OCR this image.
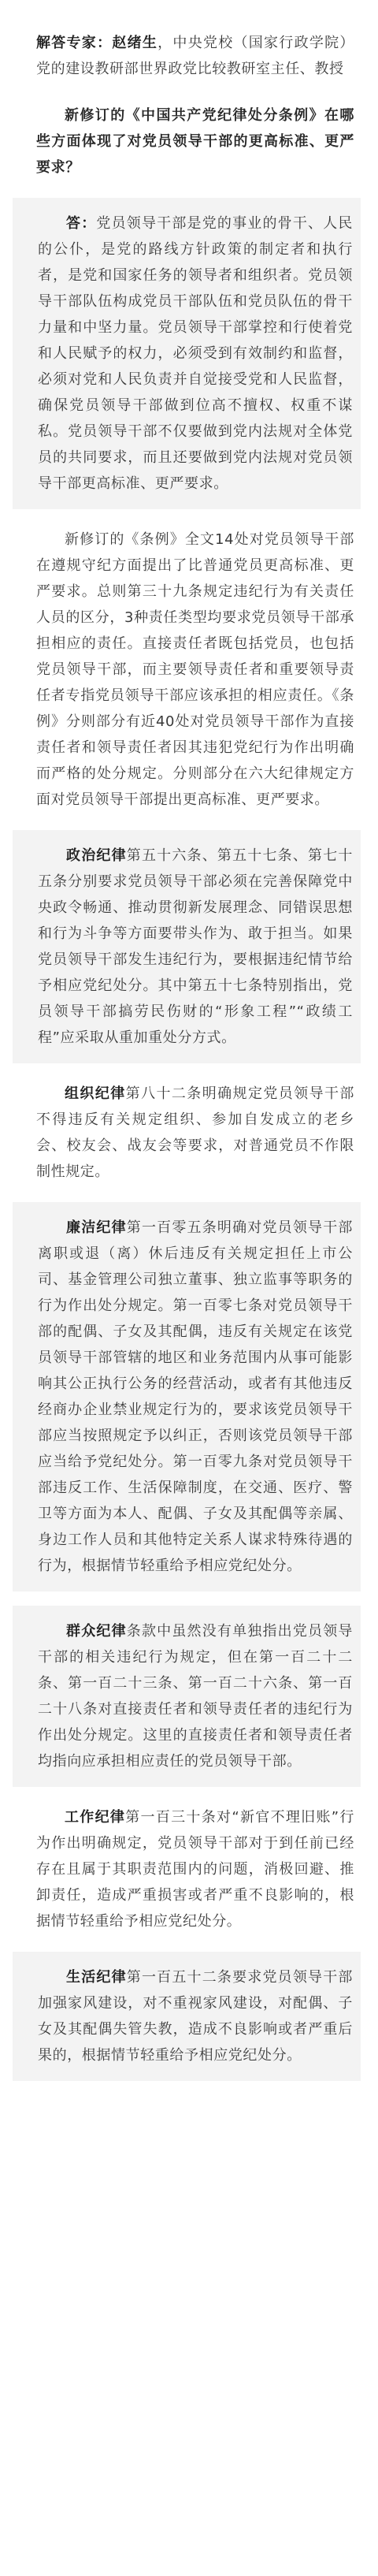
解答专家：赵绪生，中央党校（国家行政学院）党的建设教研部世界政党比较教研室主任、教授

新修订的《中国共产党纪律处分条例》在哪些方面体现了对党员领导干部的更高标准、更严要求？

答：党员领导干部是党的事业的骨干、人民的公仆，是党的路线方针政策的制定者和执行者，是党和国家任务的领导者和组织者。党员领导干部队伍构成党员干部队伍和党员队伍的骨干力量和中坚力量。党员领导干部掌控和行使着党和人民赋予的权力，必须受到有效制约和监督，必须对党和人民负责并自觉接受党和人民监督，确保党员领导干部做到位高不擅权、权重不谋私。党员领导干部不仅要做到党内法规对全体党员的共同要求，而且还要做到党内法规对党员领导干部更高标准、更严要求。

新修订的《条例》全文14处对党员领导干部在遵规守纪方面提出了比普通党员更高标准、更严要求。总则第三十九条规定违纪行为有关责任人员的区分，3种责任类型均要求党员领导干部承担相应的责任。直接责任者既包括党员，也包括党员领导干部，而主要领导责任者和重要领导责任者专指党员领导干部应该承担的相应责任。《条例》分则部分有近40处对党员领导干部作为直接责任者和领导责任者因其违犯党纪行为作出明确而严格的处分规定。分则部分在六大纪律规定方面对党员领导干部提出更高标准、更严要求。

政治纪律第五十六条、第五十七条、第七十五条分别要求党员领导干部必须在完善保障党中央政令畅通、推动贯彻新发展理念、同错误思想和行为斗争等方面要带头作为、敢于担当。如果党员领导干部发生违纪行为，要根据违纪情节给予相应党纪处分。其中第五十七条特别指出，党员领导干部搞劳民伤财的“形象工程”“政绩工程”应采取从重加重处分方式。

组织纪律第八十二条明确规定党员领导干部不得违反有关规定组织、参加自发成立的老乡会、校友会、战友会等要求，对普通党员不作限制性规定。

廉洁纪律第一百零五条明确对党员领导干部离职或退（离）休后违反有关规定担任上市公司、基金管理公司独立董事、独立监事等职务的行为作出处分规定。第一百零七条对党员领导干部的配偶、子女及其配偶，违反有关规定在该党员领导干部管辖的地区和业务范围内从事可能影响其公正执行公务的经营活动，或者有其他违反经商办企业禁业规定行为的，要求该党员领导干部应当按照规定予以纠正，否则该党员领导干部应当给予党纪处分。第一百零九条对党员领导干部违反工作、生活保障制度，在交通、医疗、警卫等方面为本人、配偶、子女及其配偶等亲属、身边工作人员和其他特定关系人谋求特殊待遇的行为，根据情节轻重给予相应党纪处分。

群众纪律条款中虽然没有单独指出党员领导干部的相关违纪行为规定，但在第一百二十二条、第一百二十三条、第一百二十六条、第一百二十八条对直接责任者和领导责任者的违纪行为作出处分规定。这里的直接责任者和领导责任者均指向应承担相应责任的党员领导干部。

工作纪律第一百三十条对“新官不理旧账”行为作出明确规定，党员领导干部对于到任前已经存在且属于其职责范围内的问题，消极回避、推卸责任，造成严重损害或者严重不良影响的，根据情节轻重给予相应党纪处分。

生活纪律第一百五十二条要求党员领导干部加强家风建设，对不重视家风建设，对配偶、子女及其配偶失管失教，造成不良影响或者严重后果的，根据情节轻重给予相应党纪处分。
